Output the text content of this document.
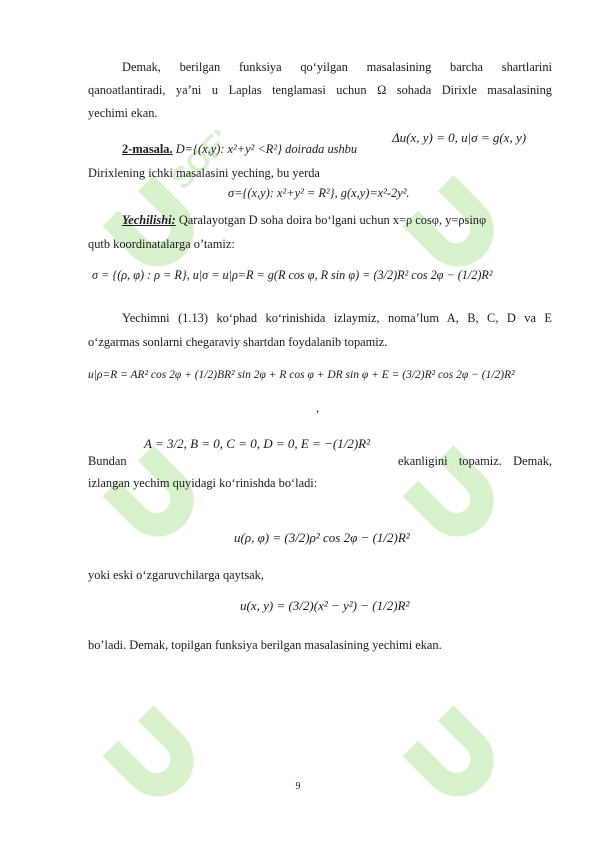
SOFF
Demak, berilgan funksiya qo‘yilgan masalasining barcha shartlarini
qanoatlantiradi, ya’ni u Laplas tenglamasi uchun Ω sohada Dirixle masalasining
yechimi ekan.
2-masala. D={(x,y): x²+y² <R²} doirada ushbu
Δu(x, y) = 0, u|σ = g(x, y)
Dirixlening ichki masalasini yeching, bu yerda
σ={(x,y): x²+y² = R²}, g(x,y)=x²-2y².
Yechilishi: Qaralayotgan D soha doira bo‘lgani uchun x=ρ cosφ, y=ρsinφ
qutb koordinatalarga o’tamiz:
σ = {(ρ, φ) : ρ = R}, u|σ = u|ρ=R = g(R cos φ, R sin φ) = (3/2)R² cos 2φ − (1/2)R²
Yechimni (1.13) ko‘phad ko‘rinishida izlaymiz, noma’lum A, B, C, D va E
o‘zgarmas sonlarni chegaraviy shartdan foydalanib topamiz.
u|ρ=R = AR² cos 2φ + (1/2)BR² sin 2φ + R cos φ + DR sin φ + E = (3/2)R² cos 2φ − (1/2)R²
,
Bundan
A = 3/2, B = 0, C = 0, D = 0, E = −(1/2)R²
ekanligini topamiz. Demak,
izlangan yechim quyidagi ko‘rinishda bo‘ladi:
u(ρ, φ) = (3/2)ρ² cos 2φ − (1/2)R²
yoki eski o‘zgaruvchilarga qaytsak,
u(x, y) = (3/2)(x² − y²) − (1/2)R²
bo’ladi. Demak, topilgan funksiya berilgan masalasining yechimi ekan.
9
